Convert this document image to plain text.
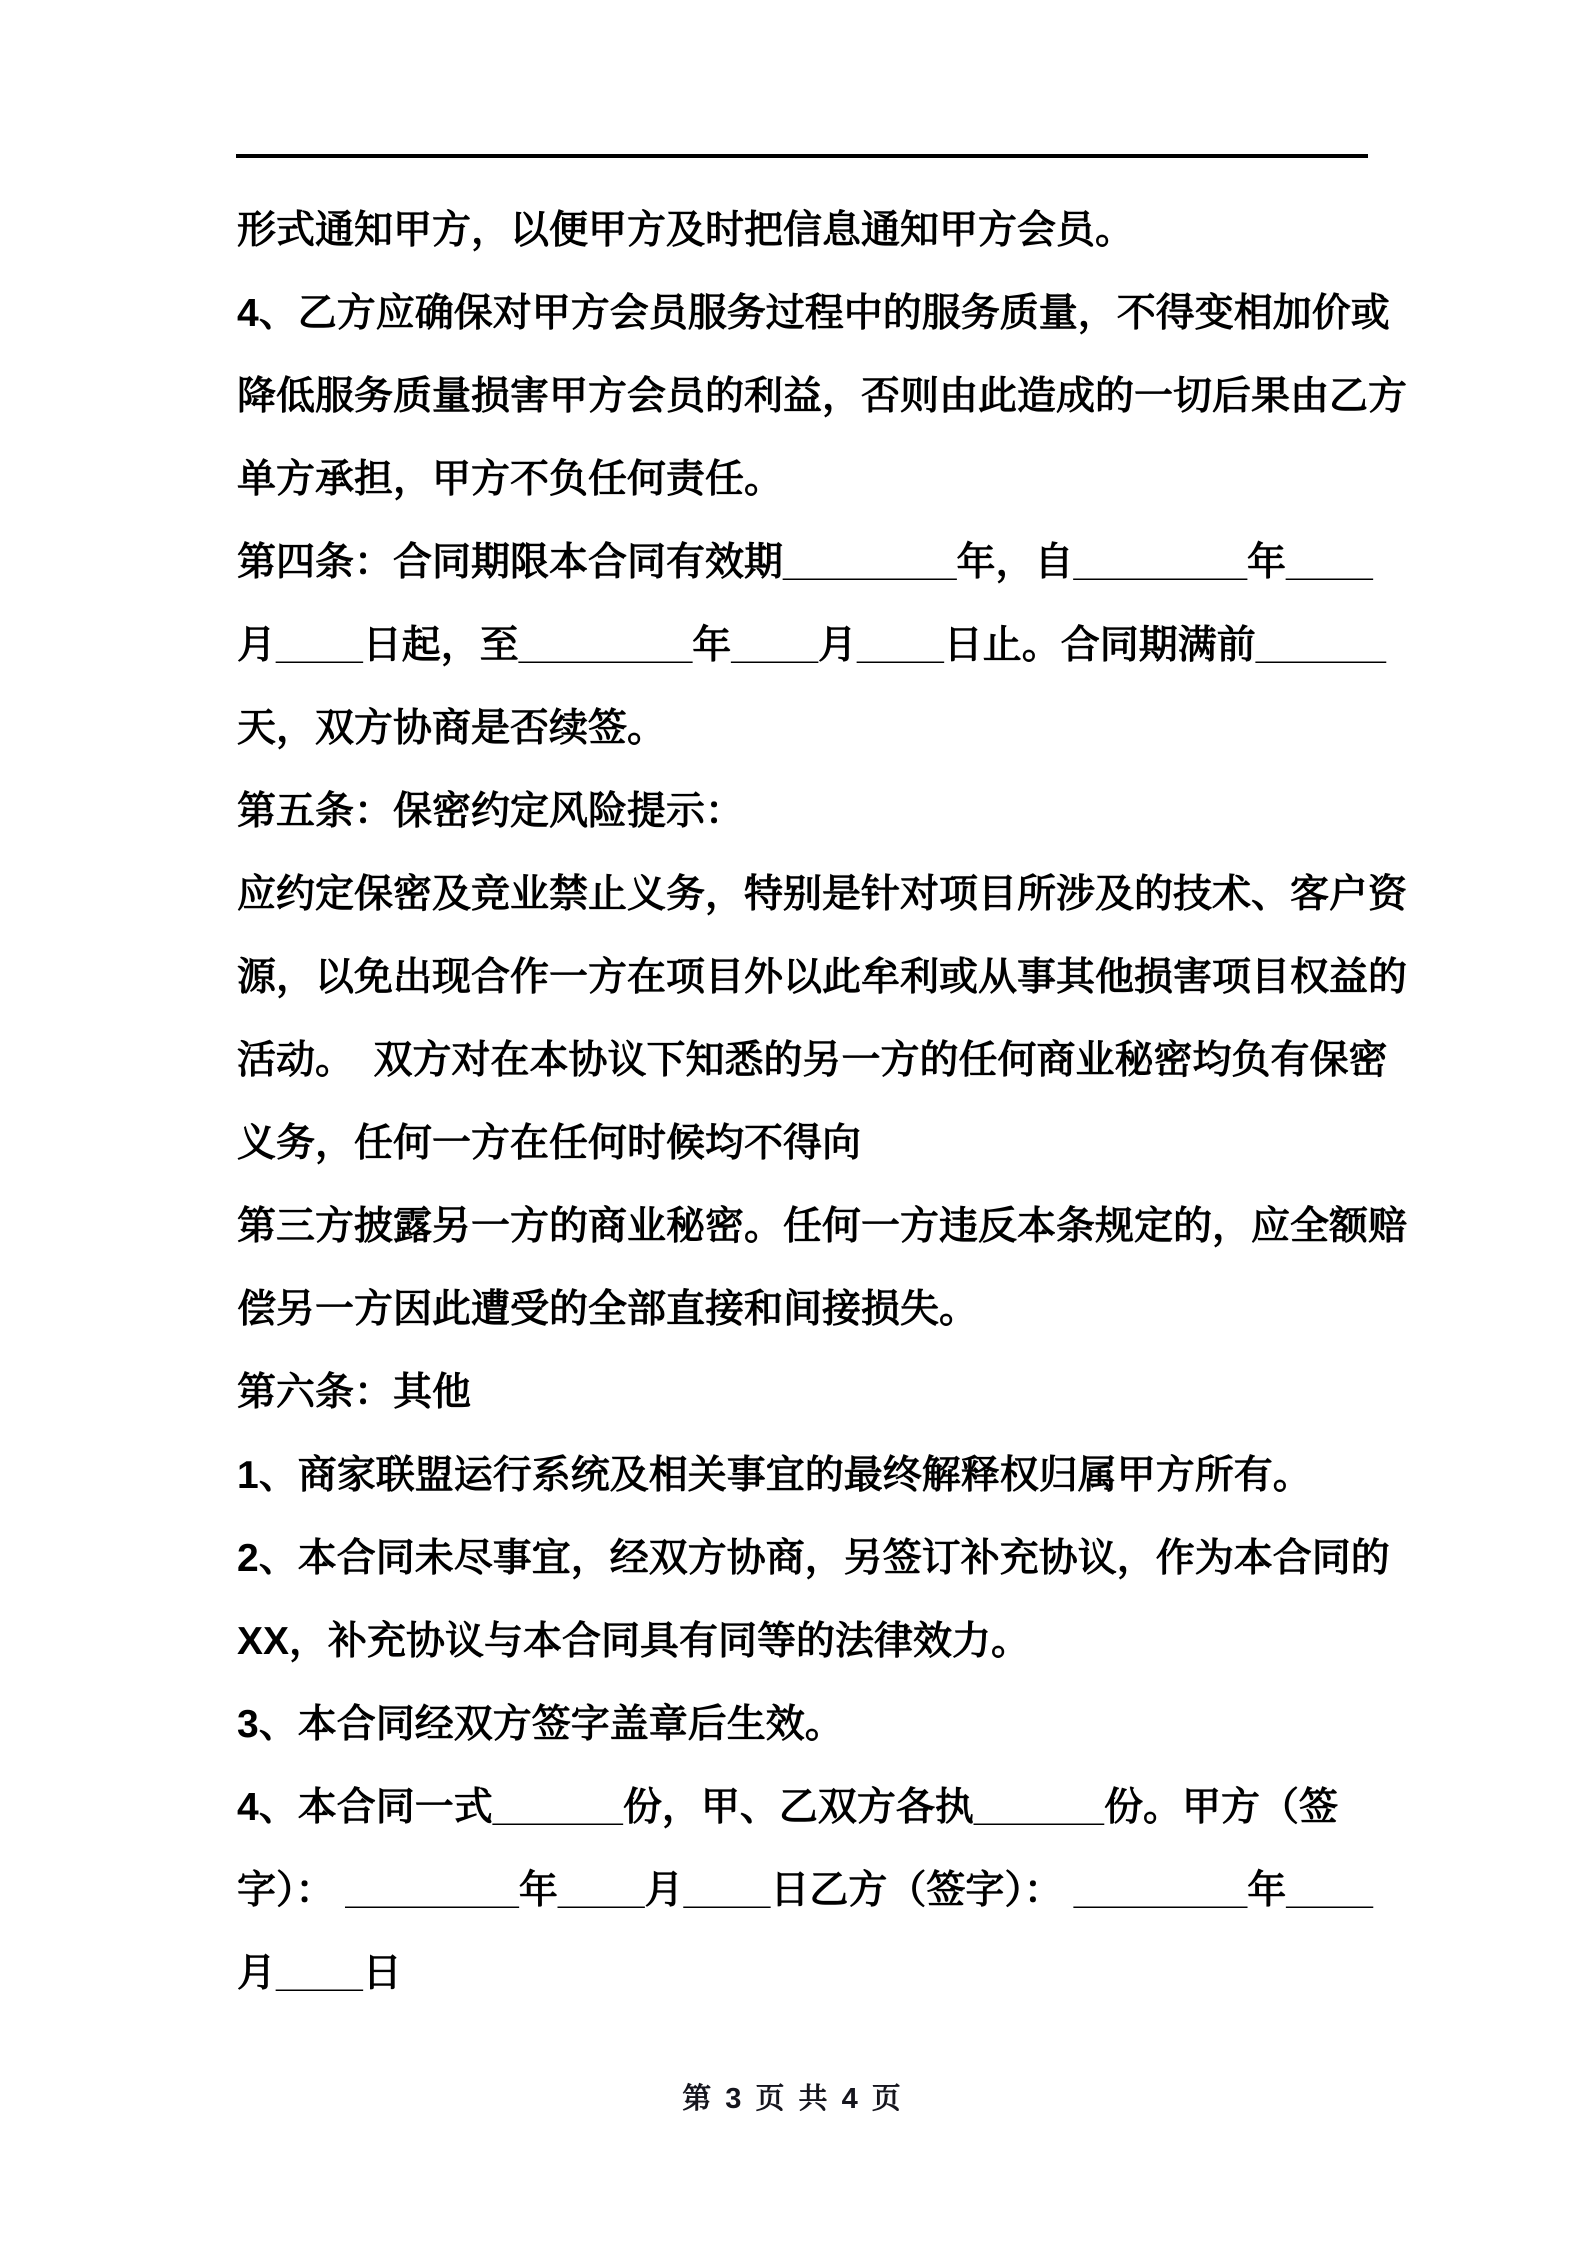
形式通知甲方，以便甲方及时把信息通知甲方会员。
4、乙方应确保对甲方会员服务过程中的服务质量，不得变相加价或
降低服务质量损害甲方会员的利益，否则由此造成的一切后果由乙方
单方承担，甲方不负任何责任。
第四条：合同期限本合同有效期________年，自________年____
月____日起，至________年____月____日止。合同期满前______
天，双方协商是否续签。
第五条：保密约定风险提示：
应约定保密及竞业禁止义务，特别是针对项目所涉及的技术、客户资
源，以免出现合作一方在项目外以此牟利或从事其他损害项目权益的
活动。　双方对在本协议下知悉的另一方的任何商业秘密均负有保密
义务，任何一方在任何时候均不得向
第三方披露另一方的商业秘密。任何一方违反本条规定的，应全额赔
偿另一方因此遭受的全部直接和间接损失。
第六条：其他
1、商家联盟运行系统及相关事宜的最终解释权归属甲方所有。
2、本合同未尽事宜，经双方协商，另签订补充协议，作为本合同的
XX，补充协议与本合同具有同等的法律效力。
3、本合同经双方签字盖章后生效。
4、本合同一式______份，甲、乙双方各执______份。甲方（签
字）： ________年____月____日乙方（签字）： ________年____
月____日
第 3 页 共 4 页
